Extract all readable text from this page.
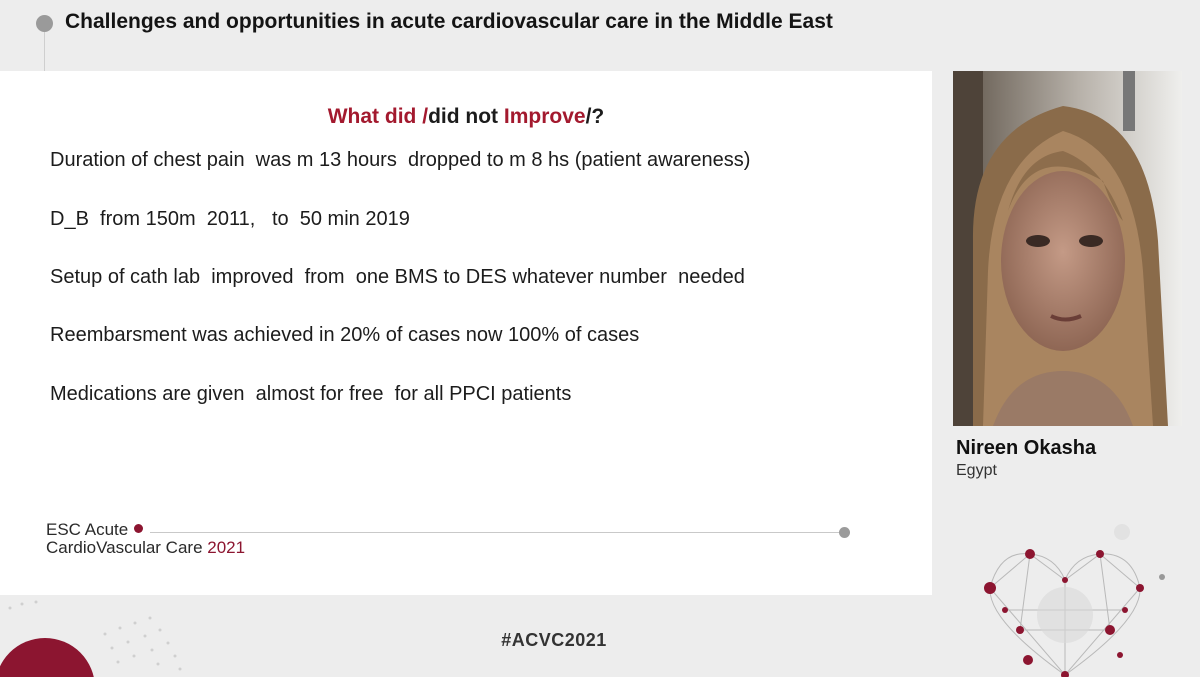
Challenges and opportunities in acute cardiovascular care in the Middle East
What did /did not Improve/?
Duration of chest pain  was m 13 hours  dropped to m 8 hs (patient awareness)
D_B  from 150m  2011,   to  50 min 2019
Setup of cath lab  improved  from  one BMS to DES whatever number  needed
Reembarsment was achieved in 20% of cases now 100% of cases
Medications are given  almost for free  for all PPCI patients
ESC Acute
CardioVascular Care 2021
Nireen Okasha
Egypt
#ACVC2021
